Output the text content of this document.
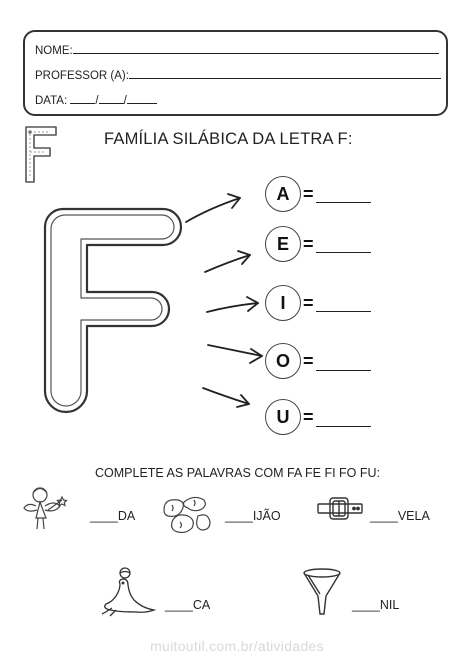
NOME:
PROFESSOR (A):
DATA: / /
FAMÍLIA SILÁBICA DA LETRA F:
A =
E =
I =
O =
U =
COMPLETE AS PALAVRAS COM FA FE FI FO FU:
____DA	____IJÃO	____VELA
____CA	____NIL
muitoutil.com.br/atividades
